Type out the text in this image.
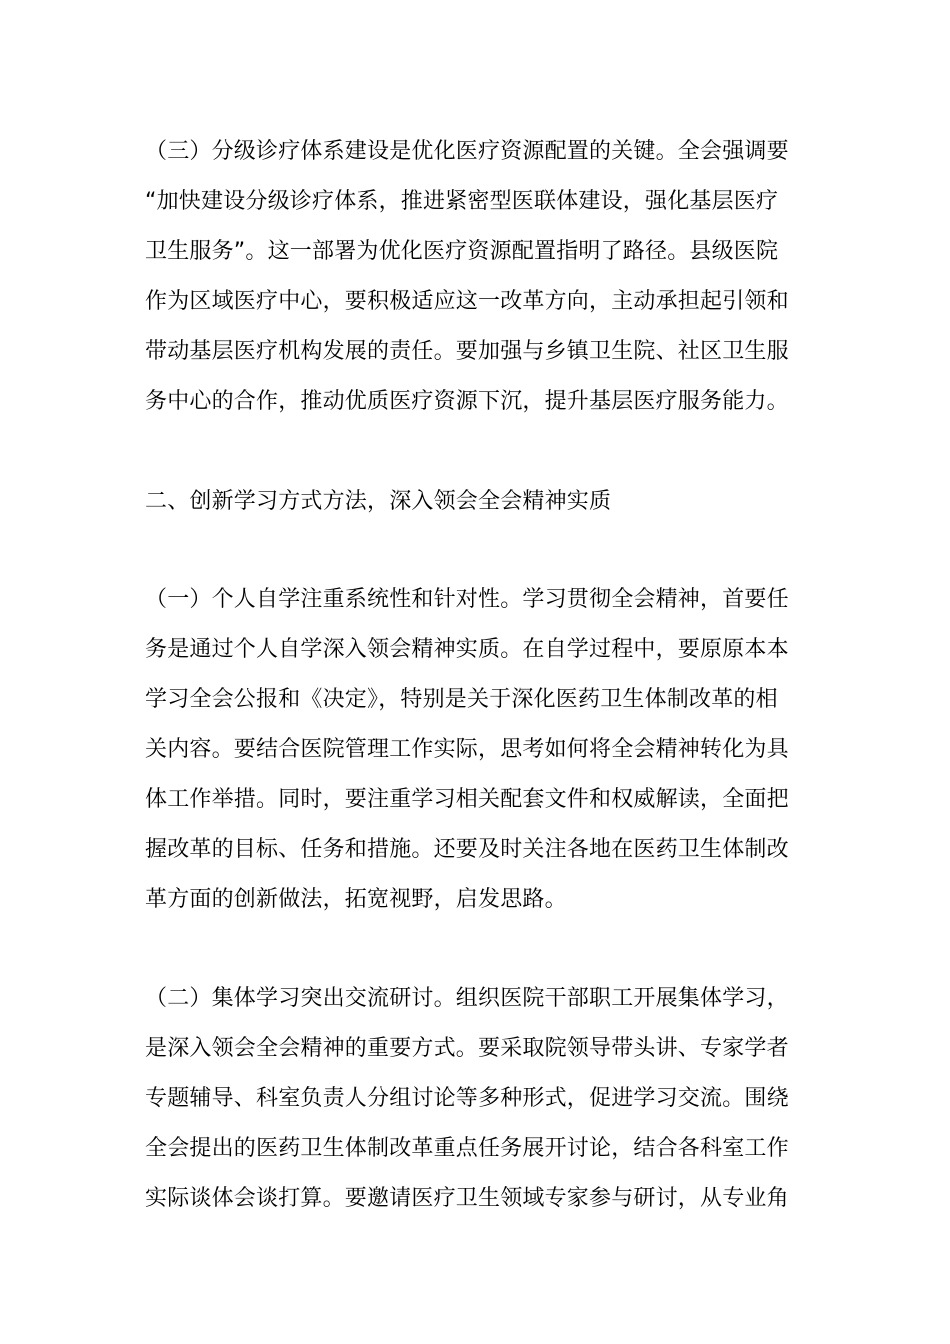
（三）分级诊疗体系建设是优化医疗资源配置的关键。全会强调要
“加快建设分级诊疗体系，推进紧密型医联体建设，强化基层医疗
卫生服务”。这一部署为优化医疗资源配置指明了路径。县级医院
作为区域医疗中心，要积极适应这一改革方向，主动承担起引领和
带动基层医疗机构发展的责任。要加强与乡镇卫生院、社区卫生服
务中心的合作，推动优质医疗资源下沉，提升基层医疗服务能力。

二、创新学习方式方法，深入领会全会精神实质

（一）个人自学注重系统性和针对性。学习贯彻全会精神，首要任
务是通过个人自学深入领会精神实质。在自学过程中，要原原本本
学习全会公报和《决定》，特别是关于深化医药卫生体制改革的相
关内容。要结合医院管理工作实际，思考如何将全会精神转化为具
体工作举措。同时，要注重学习相关配套文件和权威解读，全面把
握改革的目标、任务和措施。还要及时关注各地在医药卫生体制改
革方面的创新做法，拓宽视野，启发思路。

（二）集体学习突出交流研讨。组织医院干部职工开展集体学习，
是深入领会全会精神的重要方式。要采取院领导带头讲、专家学者
专题辅导、科室负责人分组讨论等多种形式，促进学习交流。围绕
全会提出的医药卫生体制改革重点任务展开讨论，结合各科室工作
实际谈体会谈打算。要邀请医疗卫生领域专家参与研讨，从专业角
